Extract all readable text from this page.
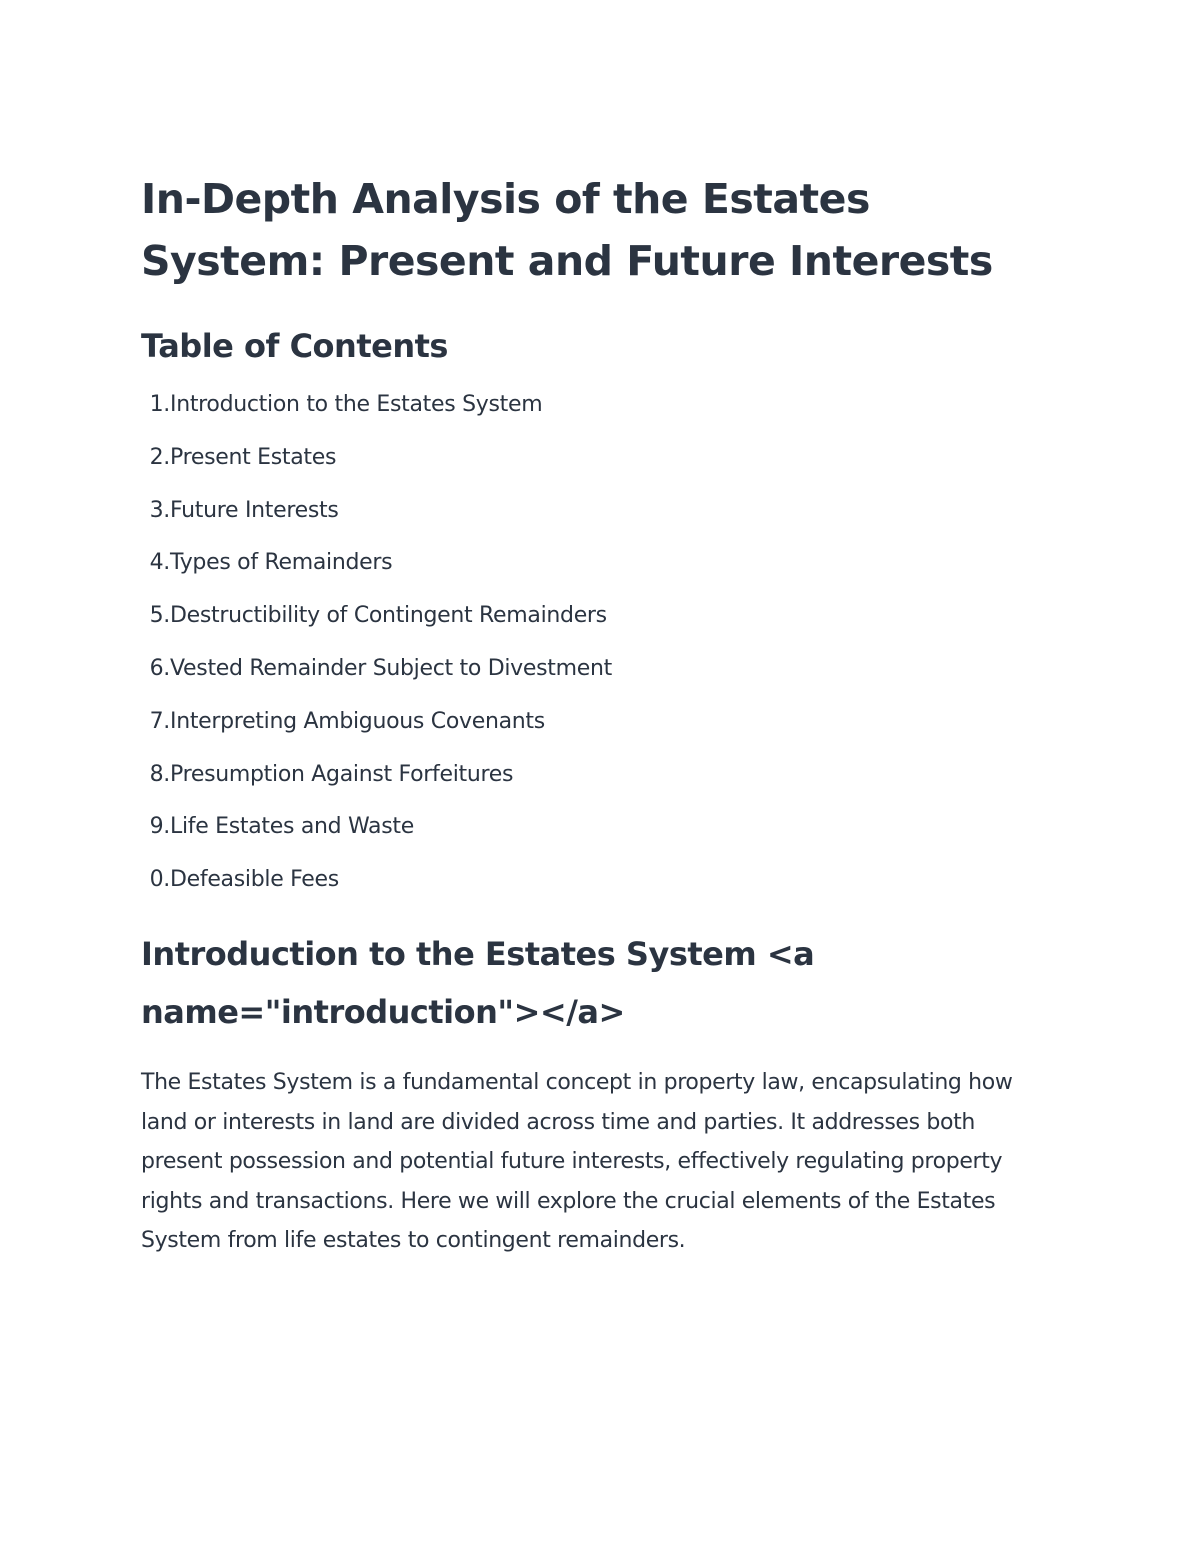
In-Depth Analysis of the Estates System: Present and Future Interests
Table of Contents
1. Introduction to the Estates System
2. Present Estates
3. Future Interests
4. Types of Remainders
5. Destructibility of Contingent Remainders
6. Vested Remainder Subject to Divestment
7. Interpreting Ambiguous Covenants
8. Presumption Against Forfeitures
9. Life Estates and Waste
0. Defeasible Fees
Introduction to the Estates System <a name="introduction"></a>

The Estates System is a fundamental concept in property law, encapsulating how land or interests in land are divided across time and parties. It addresses both present possession and potential future interests, effectively regulating property rights and transactions. Here we will explore the crucial elements of the Estates System from life estates to contingent remainders.
